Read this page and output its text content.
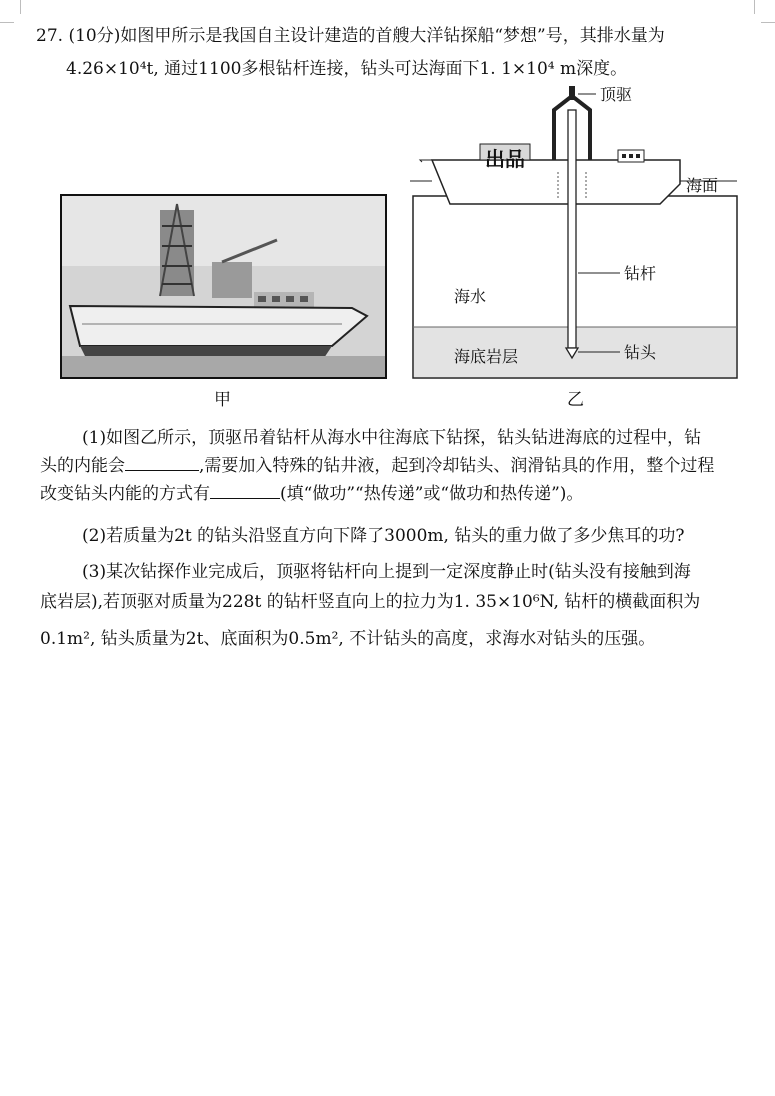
27. (10分)如图甲所示是我国自主设计建造的首艘大洋钻探船“梦想”号，其排水量为
4.26×10⁴t, 通过1100多根钻杆连接，钻头可达海面下1. 1×10⁴ m深度。
甲
顶驱
出品
海面
钻杆
海水
钻头
海底岩层
乙
(1)如图乙所示，顶驱吊着钻杆从海水中往海底下钻探，钻头钻进海底的过程中，钻
头的内能会	,需要加入特殊的钻井液，起到冷却钻头、润滑钻具的作用，整个过程
改变钻头内能的方式有	(填“做功”“热传递”或“做功和热传递”)。
(2)若质量为2t 的钻头沿竖直方向下降了3000m, 钻头的重力做了多少焦耳的功?
(3)某次钻探作业完成后，顶驱将钻杆向上提到一定深度静止时(钻头没有接触到海
底岩层),若顶驱对质量为228t 的钻杆竖直向上的拉力为1. 35×10⁶N, 钻杆的横截面积为
0.1m², 钻头质量为2t、底面积为0.5m², 不计钻头的高度，求海水对钻头的压强。
